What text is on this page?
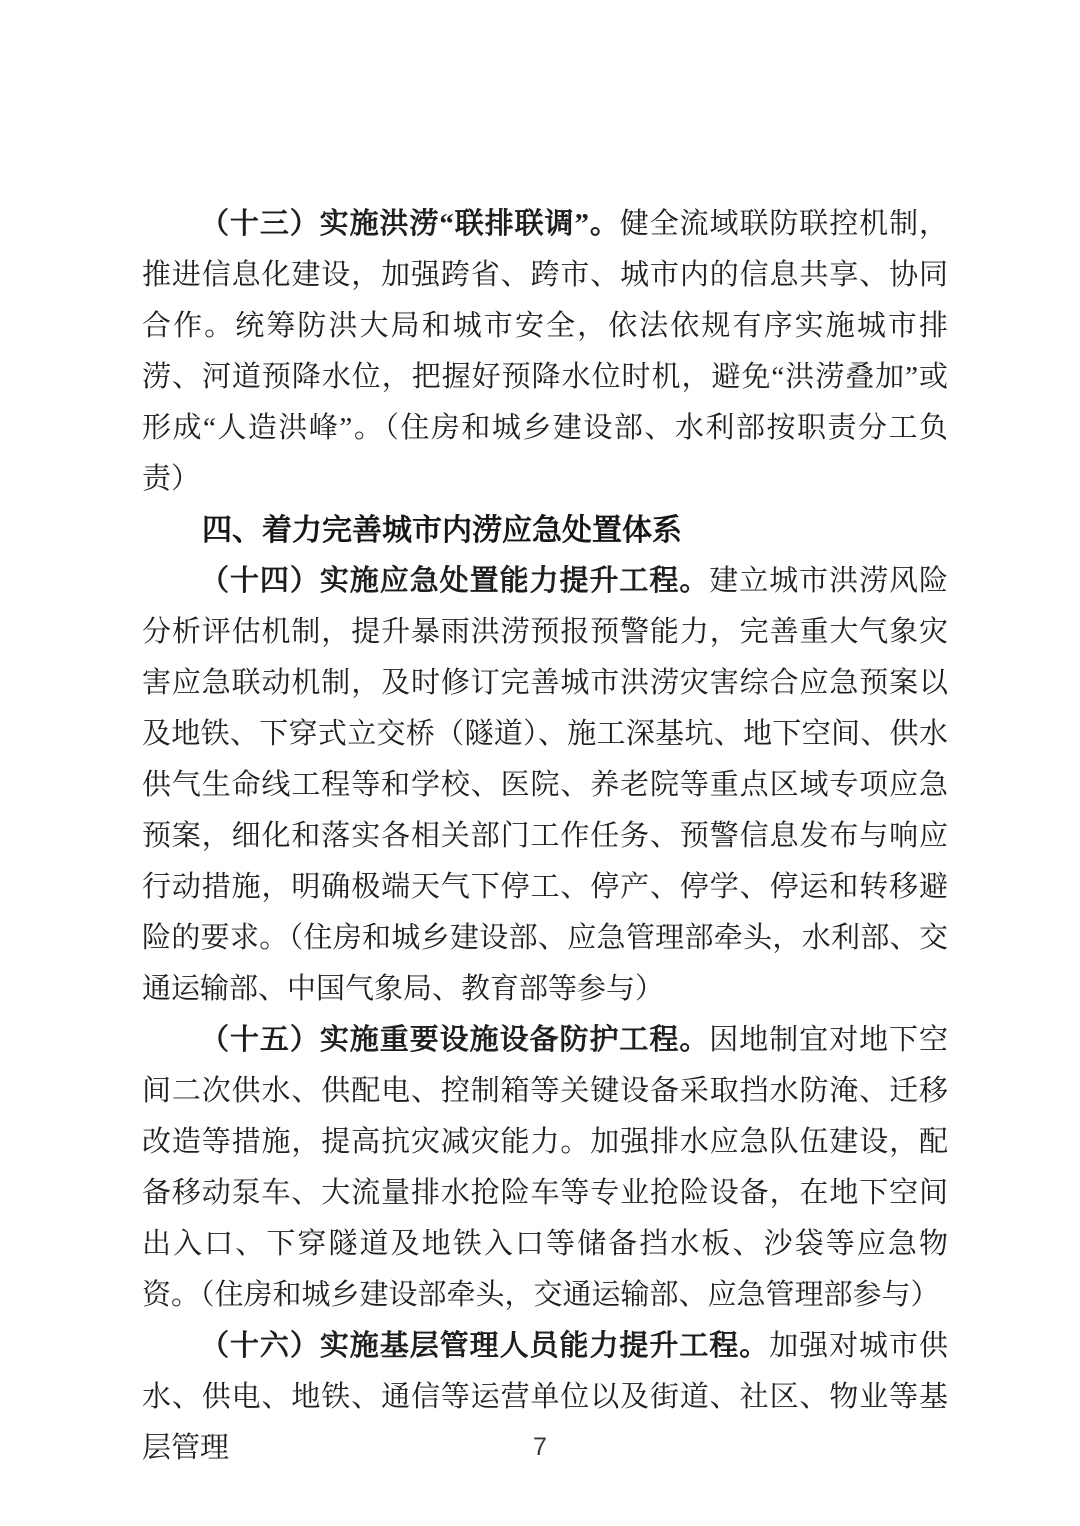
（十三）实施洪涝“联排联调”。健全流域联防联控机制，推进信息化建设，加强跨省、跨市、城市内的信息共享、协同合作。统筹防洪大局和城市安全，依法依规有序实施城市排涝、河道预降水位，把握好预降水位时机，避免“洪涝叠加”或形成“人造洪峰”。（住房和城乡建设部、水利部按职责分工负责）

四、着力完善城市内涝应急处置体系

（十四）实施应急处置能力提升工程。建立城市洪涝风险分析评估机制，提升暴雨洪涝预报预警能力，完善重大气象灾害应急联动机制，及时修订完善城市洪涝灾害综合应急预案以及地铁、下穿式立交桥（隧道）、施工深基坑、地下空间、供水供气生命线工程等和学校、医院、养老院等重点区域专项应急预案，细化和落实各相关部门工作任务、预警信息发布与响应行动措施，明确极端天气下停工、停产、停学、停运和转移避险的要求。（住房和城乡建设部、应急管理部牵头，水利部、交通运输部、中国气象局、教育部等参与）

（十五）实施重要设施设备防护工程。因地制宜对地下空间二次供水、供配电、控制箱等关键设备采取挡水防淹、迁移改造等措施，提高抗灾减灾能力。加强排水应急队伍建设，配备移动泵车、大流量排水抢险车等专业抢险设备，在地下空间出入口、下穿隧道及地铁入口等储备挡水板、沙袋等应急物资。（住房和城乡建设部牵头，交通运输部、应急管理部参与）

（十六）实施基层管理人员能力提升工程。加强对城市供水、供电、地铁、通信等运营单位以及街道、社区、物业等基层管理	7
